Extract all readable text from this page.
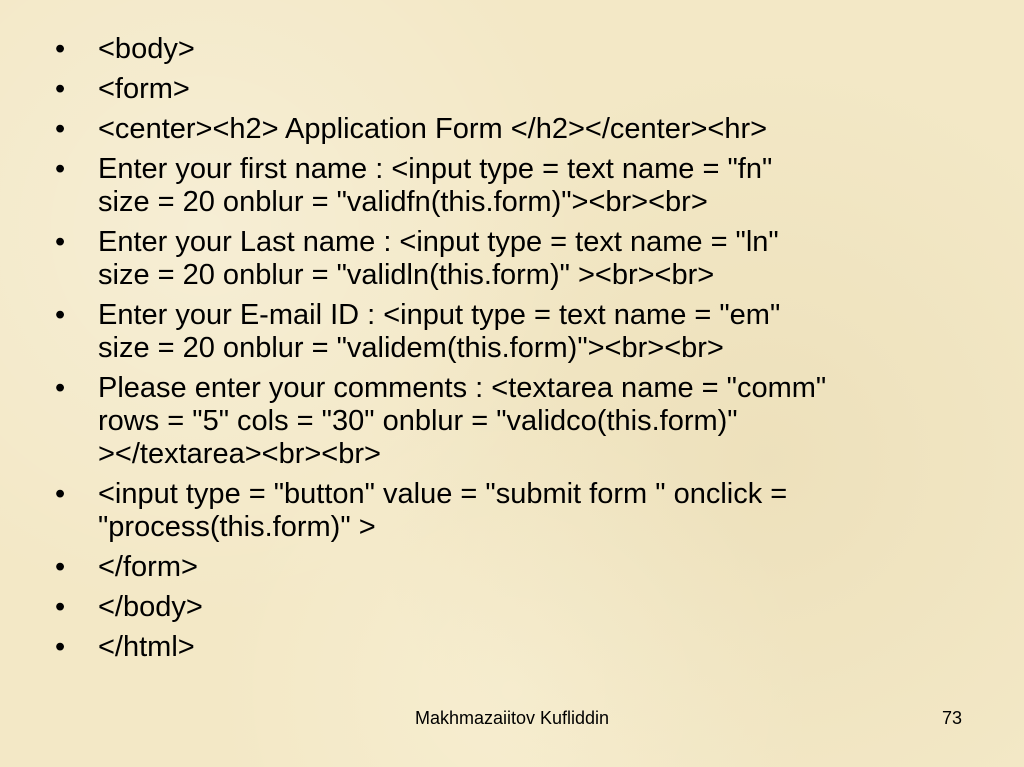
• <body>
• <form>
• <center><h2> Application Form </h2></center><hr>
• Enter your first name : <input type = text name = "fn"
size = 20 onblur = "validfn(this.form)"><br><br>
• Enter your Last name : <input type = text name = "ln"
size = 20 onblur = "validln(this.form)" ><br><br>
• Enter your E-mail ID : <input type = text name = "em"
size = 20 onblur = "validem(this.form)"><br><br>
• Please enter your comments : <textarea name = "comm"
rows = "5" cols = "30" onblur = "validco(this.form)"
></textarea><br><br>
• <input type = "button" value = "submit form " onclick =
"process(this.form)" >
• </form>
• </body>
• </html>
Makhmazaiitov Kufliddin	73
